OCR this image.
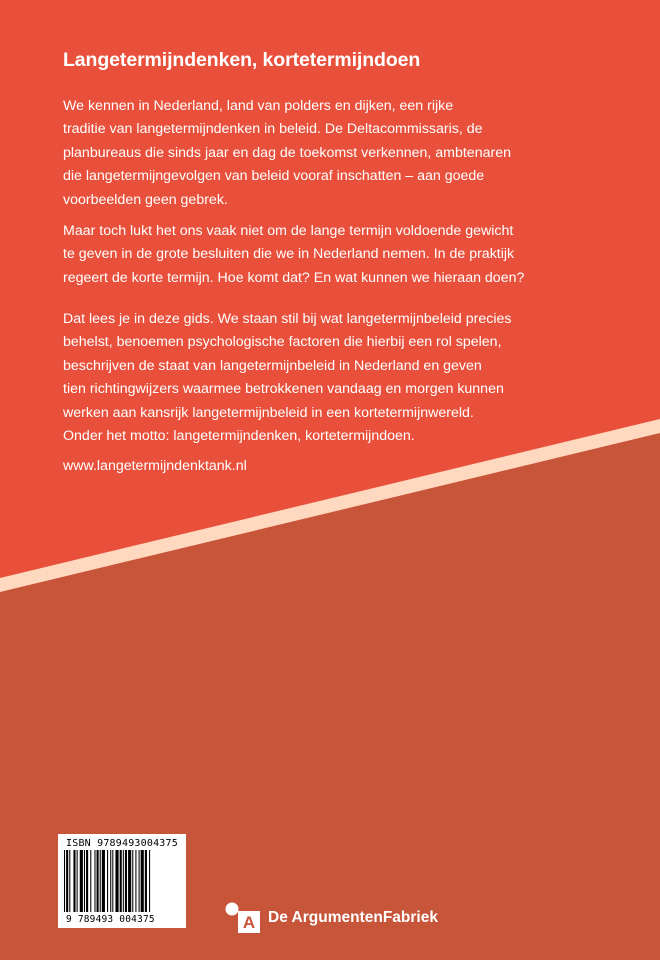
Langetermijndenken, kortetermijndoen
We kennen in Nederland, land van polders en dijken, een rijke
traditie van langetermijndenken in beleid. De Deltacommissaris, de
planbureaus die sinds jaar en dag de toekomst verkennen, ambtenaren
die langetermijngevolgen van beleid vooraf inschatten – aan goede
voorbeelden geen gebrek.
Maar toch lukt het ons vaak niet om de lange termijn voldoende gewicht
te geven in de grote besluiten die we in Nederland nemen. In de praktijk
regeert de korte termijn. Hoe komt dat? En wat kunnen we hieraan doen?
Dat lees je in deze gids. We staan stil bij wat langetermijnbeleid precies
behelst, benoemen psychologische factoren die hierbij een rol spelen,
beschrijven de staat van langetermijnbeleid in Nederland en geven
tien richtingwijzers waarmee betrokkenen vandaag en morgen kunnen
werken aan kansrijk langetermijnbeleid in een kortetermijnwereld.
Onder het motto: langetermijndenken, kortetermijndoen.
www.langetermijndenktank.nl
ISBN 9789493004375
9 789493 004375	A De ArgumentenFabriek
